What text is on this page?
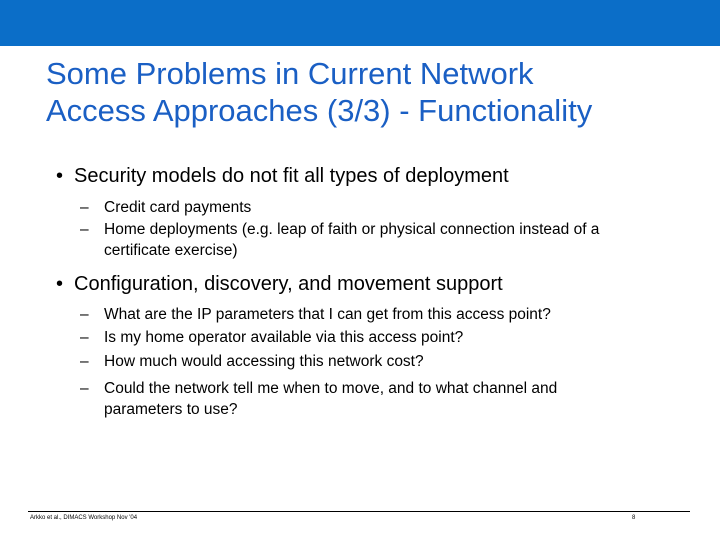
Some Problems in Current Network
Access Approaches (3/3) - Functionality
• Security models do not fit all types of deployment
– Credit card payments
– Home deployments (e.g. leap of faith or physical connection instead of a
certificate exercise)
• Configuration, discovery, and movement support
– What are the IP parameters that I can get from this access point?
– Is my home operator available via this access point?
– How much would accessing this network cost?
– Could the network tell me when to move, and to what channel and
parameters to use?
Arkko et al., DIMACS Workshop Nov '04	8
